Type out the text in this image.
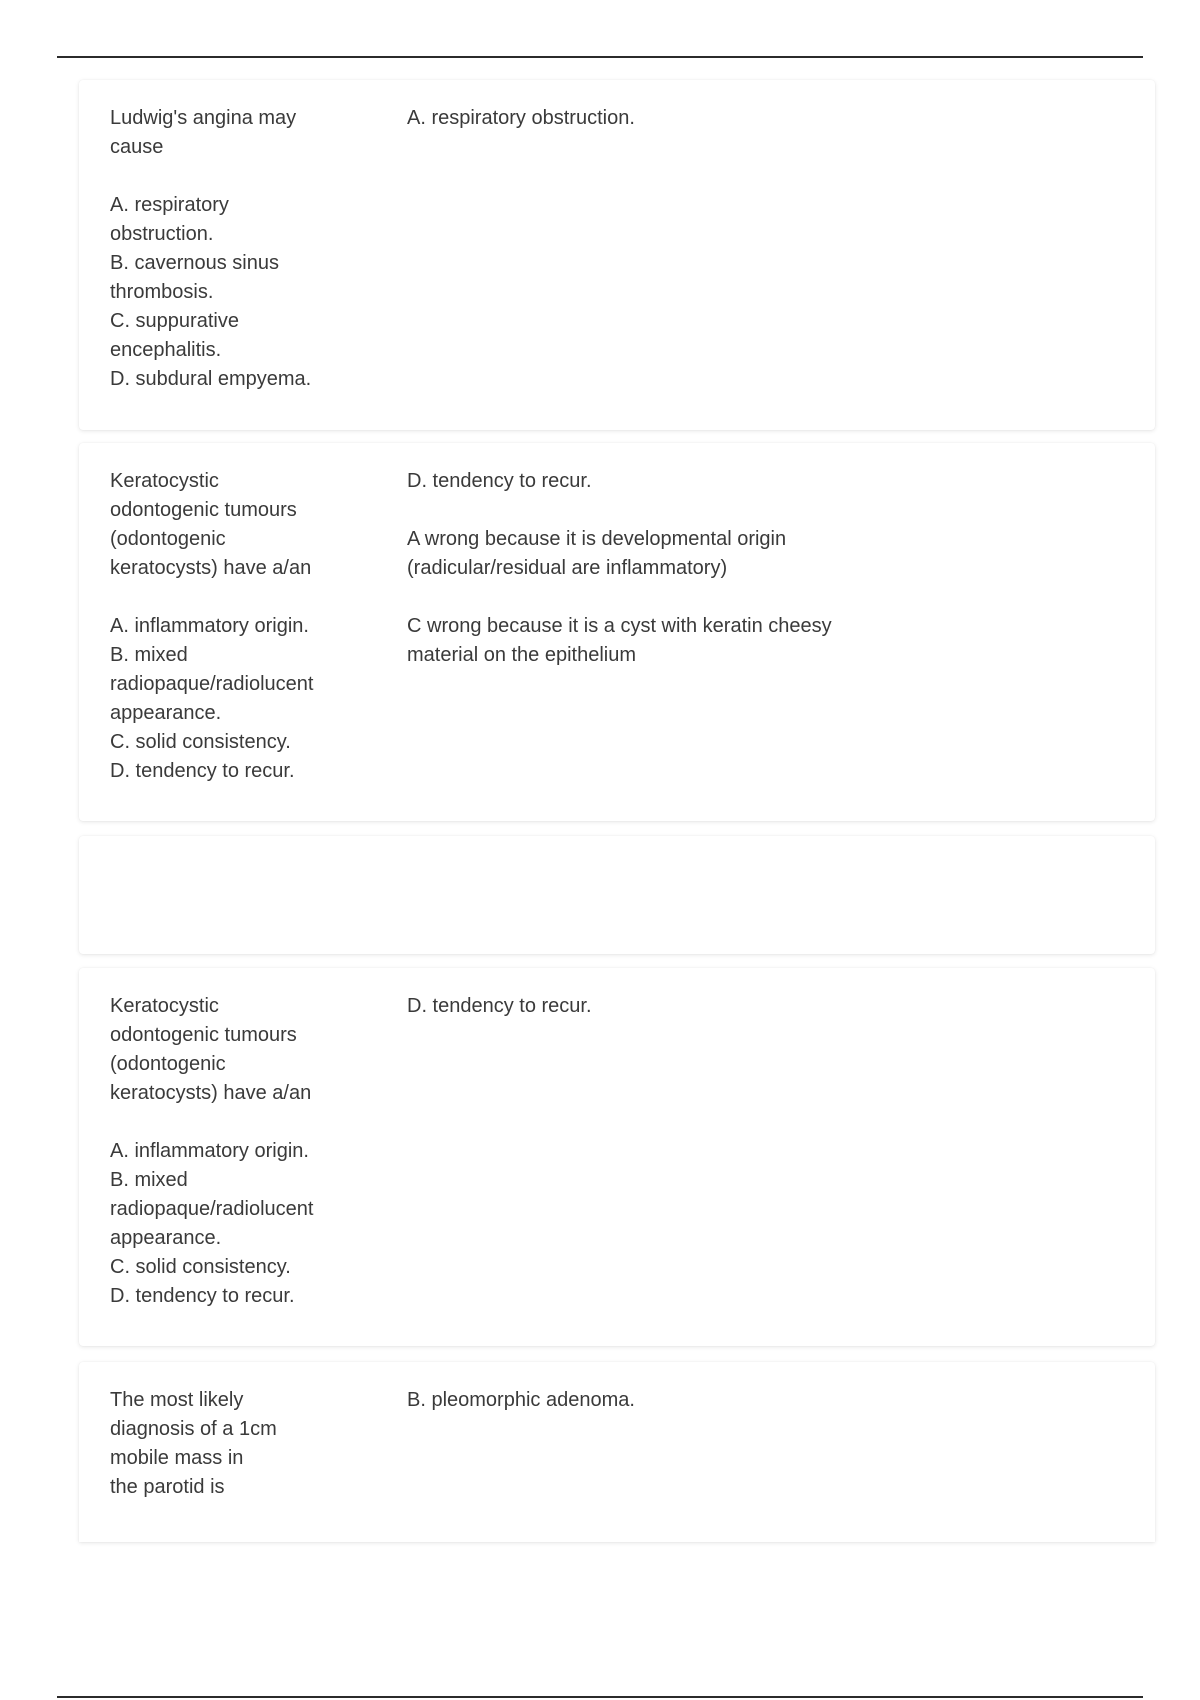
Ludwig's angina may
cause

A. respiratory
obstruction.
B. cavernous sinus
thrombosis.
C. suppurative
encephalitis.
D. subdural empyema.
A. respiratory obstruction.
Keratocystic
odontogenic tumours
(odontogenic
keratocysts) have a/an

A. inflammatory origin.
B. mixed
radiopaque/radiolucent
appearance.
C. solid consistency.
D. tendency to recur.
D. tendency to recur.

A wrong because it is developmental origin
(radicular/residual are inflammatory)

C wrong because it is a cyst with keratin cheesy
material on the epithelium
Keratocystic
odontogenic tumours
(odontogenic
keratocysts) have a/an

A. inflammatory origin.
B. mixed
radiopaque/radiolucent
appearance.
C. solid consistency.
D. tendency to recur.
D. tendency to recur.
The most likely
diagnosis of a 1cm
mobile mass in
the parotid is
B. pleomorphic adenoma.
